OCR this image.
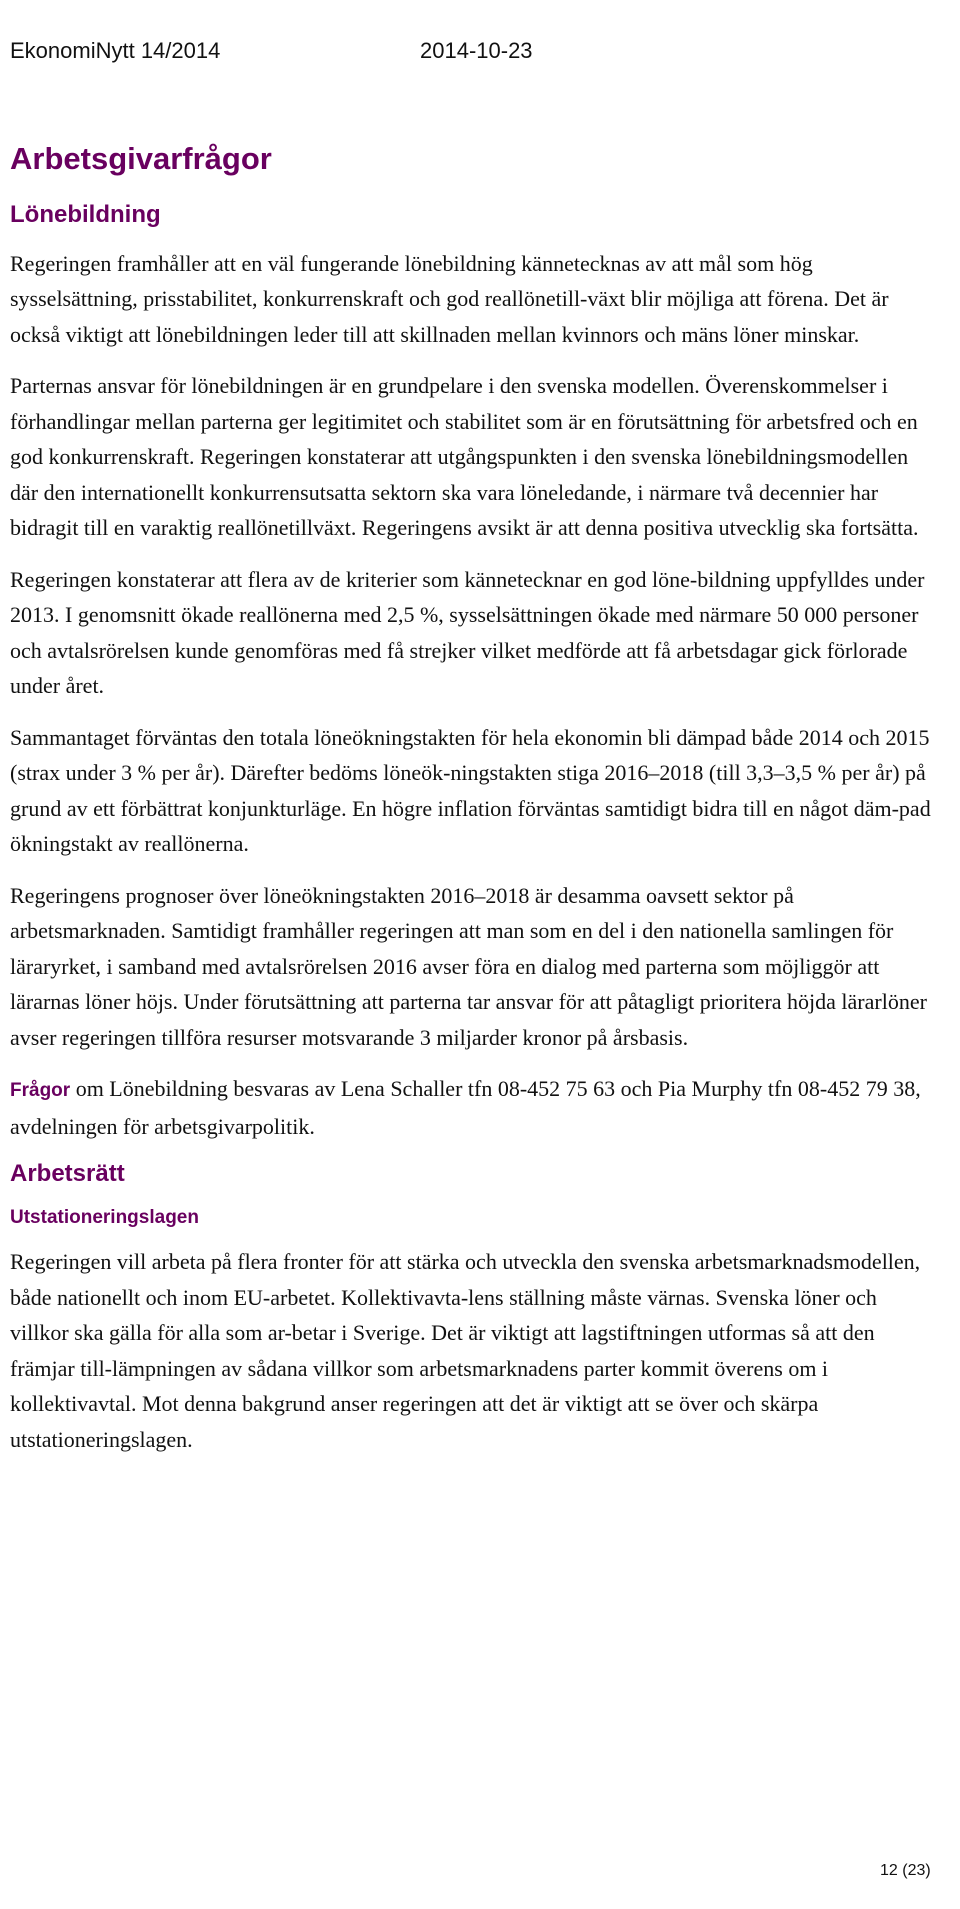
EkonomiNytt 14/2014	2014-10-23
Arbetsgivarfrågor
Lönebildning

Regeringen framhåller att en väl fungerande lönebildning kännetecknas av att mål som hög sysselsättning, prisstabilitet, konkurrenskraft och god reallönetill-växt blir möjliga att förena. Det är också viktigt att lönebildningen leder till att skillnaden mellan kvinnors och mäns löner minskar.

Parternas ansvar för lönebildningen är en grundpelare i den svenska modellen. Överenskommelser i förhandlingar mellan parterna ger legitimitet och stabilitet som är en förutsättning för arbetsfred och en god konkurrenskraft. Regeringen konstaterar att utgångspunkten i den svenska lönebildningsmodellen där den internationellt konkurrensutsatta sektorn ska vara löneledande, i närmare två decennier har bidragit till en varaktig reallönetillväxt. Regeringens avsikt är att denna positiva utvecklig ska fortsätta.

Regeringen konstaterar att flera av de kriterier som kännetecknar en god löne-bildning uppfylldes under 2013. I genomsnitt ökade reallönerna med 2,5 %, sysselsättningen ökade med närmare 50 000 personer och avtalsrörelsen kunde genomföras med få strejker vilket medförde att få arbetsdagar gick förlorade under året.

Sammantaget förväntas den totala löneökningstakten för hela ekonomin bli dämpad både 2014 och 2015 (strax under 3 % per år). Därefter bedöms löneök-ningstakten stiga 2016–2018 (till 3,3–3,5 % per år) på grund av ett förbättrat konjunkturläge. En högre inflation förväntas samtidigt bidra till en något däm-pad ökningstakt av reallönerna.

Regeringens prognoser över löneökningstakten 2016–2018 är desamma oavsett sektor på arbetsmarknaden. Samtidigt framhåller regeringen att man som en del i den nationella samlingen för läraryrket, i samband med avtalsrörelsen 2016 avser föra en dialog med parterna som möjliggör att lärarnas löner höjs. Under förutsättning att parterna tar ansvar för att påtagligt prioritera höjda lärarlöner avser regeringen tillföra resurser motsvarande 3 miljarder kronor på årsbasis.

Frågor om Lönebildning besvaras av Lena Schaller tfn 08-452 75 63 och Pia Murphy tfn 08-452 79 38, avdelningen för arbetsgivarpolitik.

Arbetsrätt
Utstationeringslagen

Regeringen vill arbeta på flera fronter för att stärka och utveckla den svenska arbetsmarknadsmodellen, både nationellt och inom EU-arbetet. Kollektivavta-lens ställning måste värnas. Svenska löner och villkor ska gälla för alla som ar-betar i Sverige. Det är viktigt att lagstiftningen utformas så att den främjar till-lämpningen av sådana villkor som arbetsmarknadens parter kommit överens om i kollektivavtal. Mot denna bakgrund anser regeringen att det är viktigt att se över och skärpa utstationeringslagen.

12 (23)
